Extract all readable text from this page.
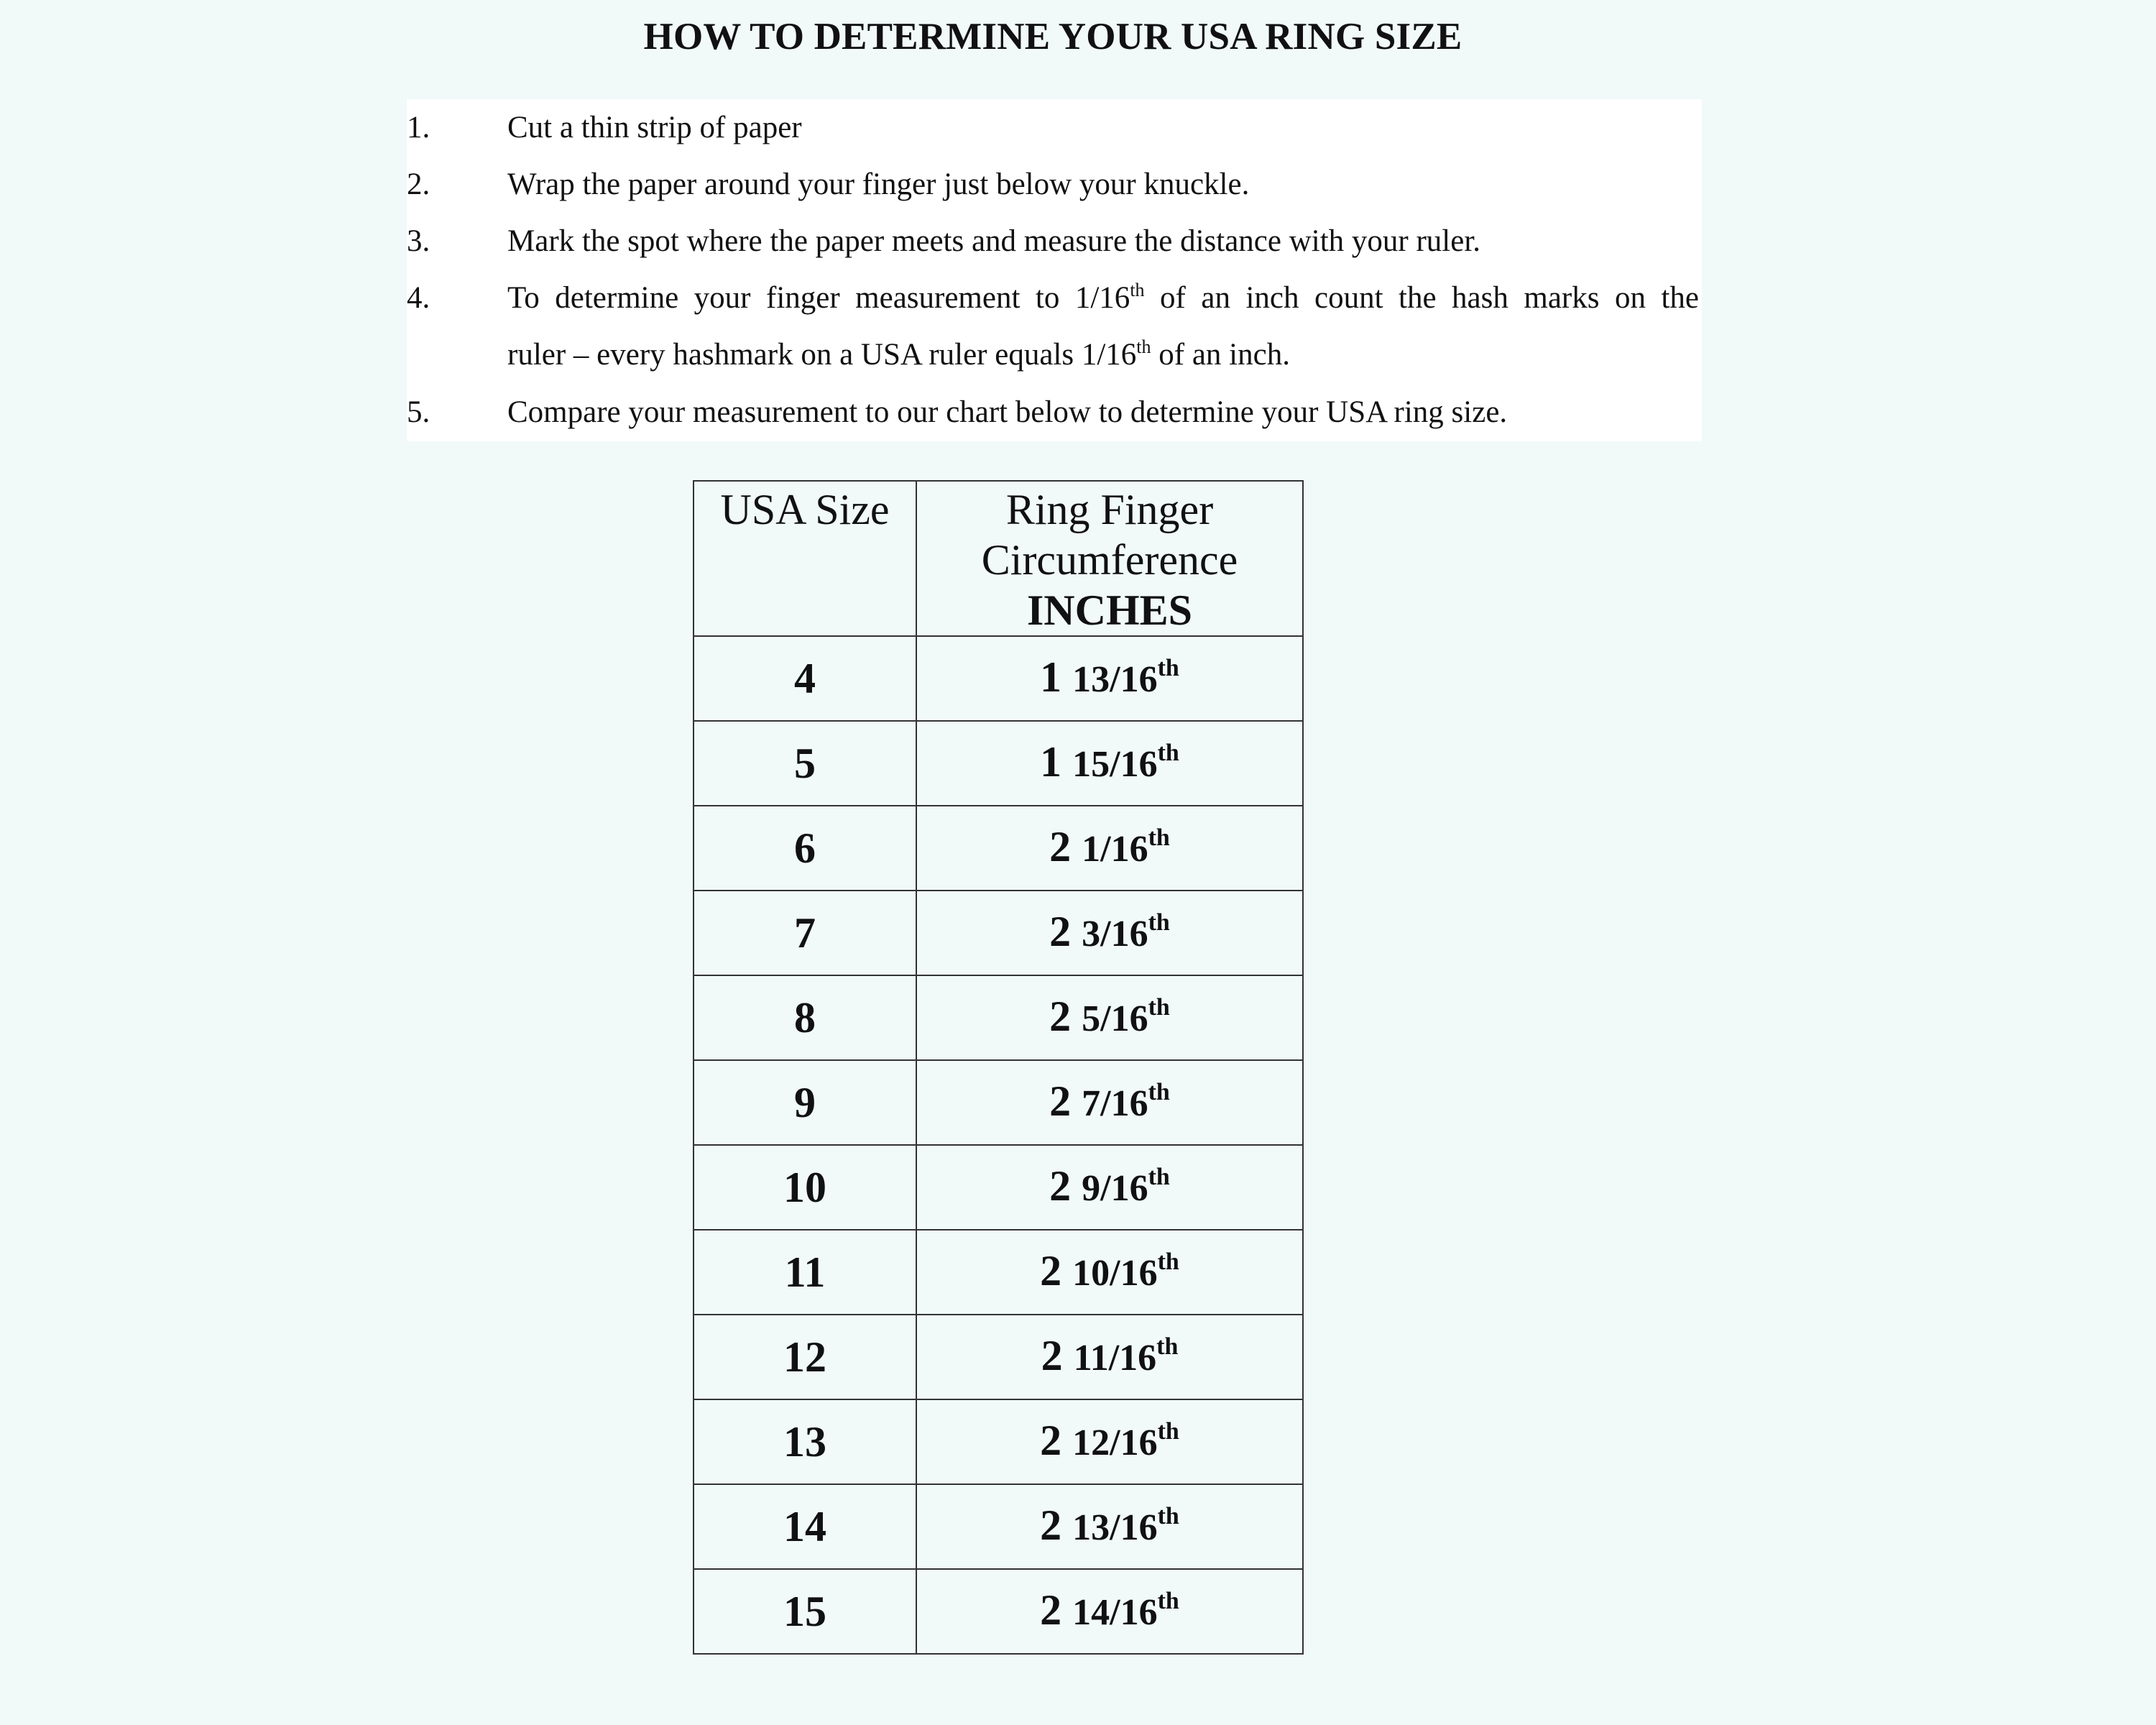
HOW TO DETERMINE YOUR USA RING SIZE
1.	Cut a thin strip of paper
2.	Wrap the paper around your finger just below your knuckle.
3.	Mark the spot where the paper meets and measure the distance with your ruler.
4.	To determine your finger measurement to 1/16th of an inch count the hash marks on the
ruler – every hashmark on a USA ruler equals 1/16th of an inch.
5.	Compare your measurement to our chart below to determine your USA ring size.
USA Size	Ring Finger
Circumference
INCHES

4	1 13/16th
5	1 15/16th
6	2 1/16th
7	2 3/16th
8	2 5/16th
9	2 7/16th
10	2 9/16th
11	2 10/16th
12	2 11/16th
13	2 12/16th
14	2 13/16th
15	2 14/16th
